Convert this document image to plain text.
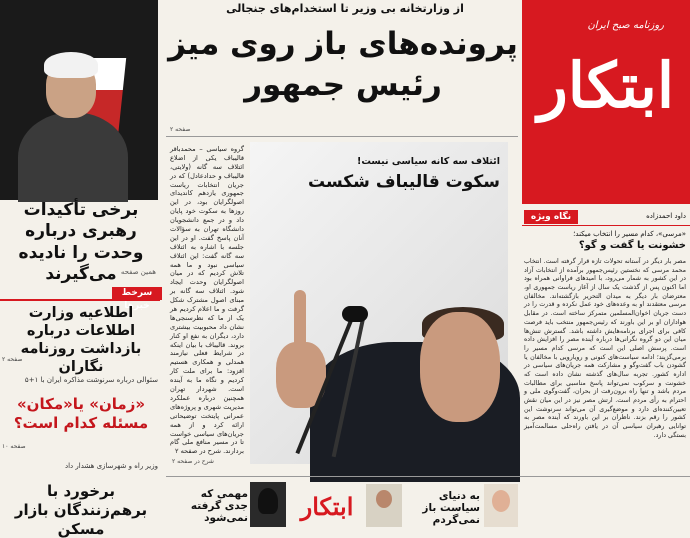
روزنامه صبح ایران
ابتکار
برخی تأکیدات رهبری درباره وحدت را نادیده می‌گیرند همین صفحه
سرخط خبرها
اطلاعیه وزارت اطلاعات درباره بازداشت روزنامه نگاران
صفحه ۲
سئوالی درباره سرنوشت مذاکره ایران با ۱+۵
«زمان» یا«مکان» مسئله کدام است؟
صفحه ۱۰
وزیر راه و شهرسازی هشدار داد
برخورد با برهم‌زنندگان بازار مسکن
از وزارتخانه بی وزیر تا استخدام‌های جنجالی
پرونده‌های باز روی میز رئیس جمهور
صفحه ۲
گروه سیاسی – محمدباقر قالیباف یکی از اضلاع ائتلاف سه گانه (ولایتی، قالیباف و حدادعادل) که در جریان انتخابات ریاست جمهوری یازدهم کاندیدای اصولگرایان بود، در این روزها به سکوت خود پایان داد و در جمع دانشجویان دانشگاه تهران به سؤالات آنان پاسخ گفت. او در این جلسه با اشاره به ائتلاف سه گانه گفت: این ائتلاف سیاسی نبود و ما همه تلاش کردیم که در میان اصولگرایان وحدت ایجاد شود. ائتلاف سه گانه بر مبنای اصول مشترک شکل گرفت و ما اعلام کردیم هر یک از ما که نظرسنجی‌ها نشان داد محبوبیت بیشتری دارد، دیگران به نفع او کنار بروند. قالیباف با بیان اینکه در شرایط فعلی نیازمند همدلی و همکاری هستیم افزود: ما برای ملت کار کردیم و نگاه ما به آینده است. شهردار تهران همچنین درباره عملکرد مدیریت شهری و پروژه‌های عمرانی پایتخت توضیحاتی ارائه کرد و از همه جریان‌های سیاسی خواست تا در مسیر منافع ملی گام بردارند. شرح در صفحه ۲
شرح در صفحه ۲
ائتلاف سه کانه سیاسی نیست!
سکوت قالیباف شکست
نگاه ویژه	داود احمدزاده
«مرسی»، کدام مسیر را انتخاب میکند؛
خشونت یا گفت و گو؟
مصر بار دیگر در آستانه تحولات تازه قرار گرفته است. انتخاب محمد مرسی که نخستین رئیس‌جمهور برآمده از انتخابات آزاد در این کشور به شمار می‌رود، با امیدهای فراوانی همراه بود اما اکنون پس از گذشت یک سال از آغاز ریاست جمهوری او، معترضان بار دیگر به میدان التحریر بازگشته‌اند. مخالفان مرسی معتقدند او به وعده‌های خود عمل نکرده و قدرت را در دست جریان اخوان‌المسلمین متمرکز ساخته است. در مقابل هواداران او بر این باورند که رئیس‌جمهور منتخب باید فرصت کافی برای اجرای برنامه‌هایش داشته باشد. گسترش تنش‌ها میان این دو گروه نگرانی‌ها درباره آینده مصر را افزایش داده است. پرسش اصلی این است که مرسی کدام مسیر را برمی‌گزیند؛ ادامه سیاست‌های کنونی و رویارویی با مخالفان یا گشودن باب گفت‌وگو و مشارکت همه جریان‌های سیاسی در اداره کشور. تجربه سال‌های گذشته نشان داده است که خشونت و سرکوب نمی‌تواند پاسخ مناسبی برای مطالبات مردم باشد و تنها راه برون‌رفت از بحران، گفت‌وگوی ملی و احترام به رأی مردم است. ارتش مصر نیز در این میان نقش تعیین‌کننده‌ای دارد و موضع‌گیری آن می‌تواند سرنوشت این کشور را رقم بزند. ناظران بر این باورند که آینده مصر به توانایی رهبران سیاسی آن در یافتن راه‌حلی مسالمت‌آمیز بستگی دارد.
مهمی که جدی گرفته نمی‌شود	ابتکار	به دنیای سیاست باز نمی‌گردم
